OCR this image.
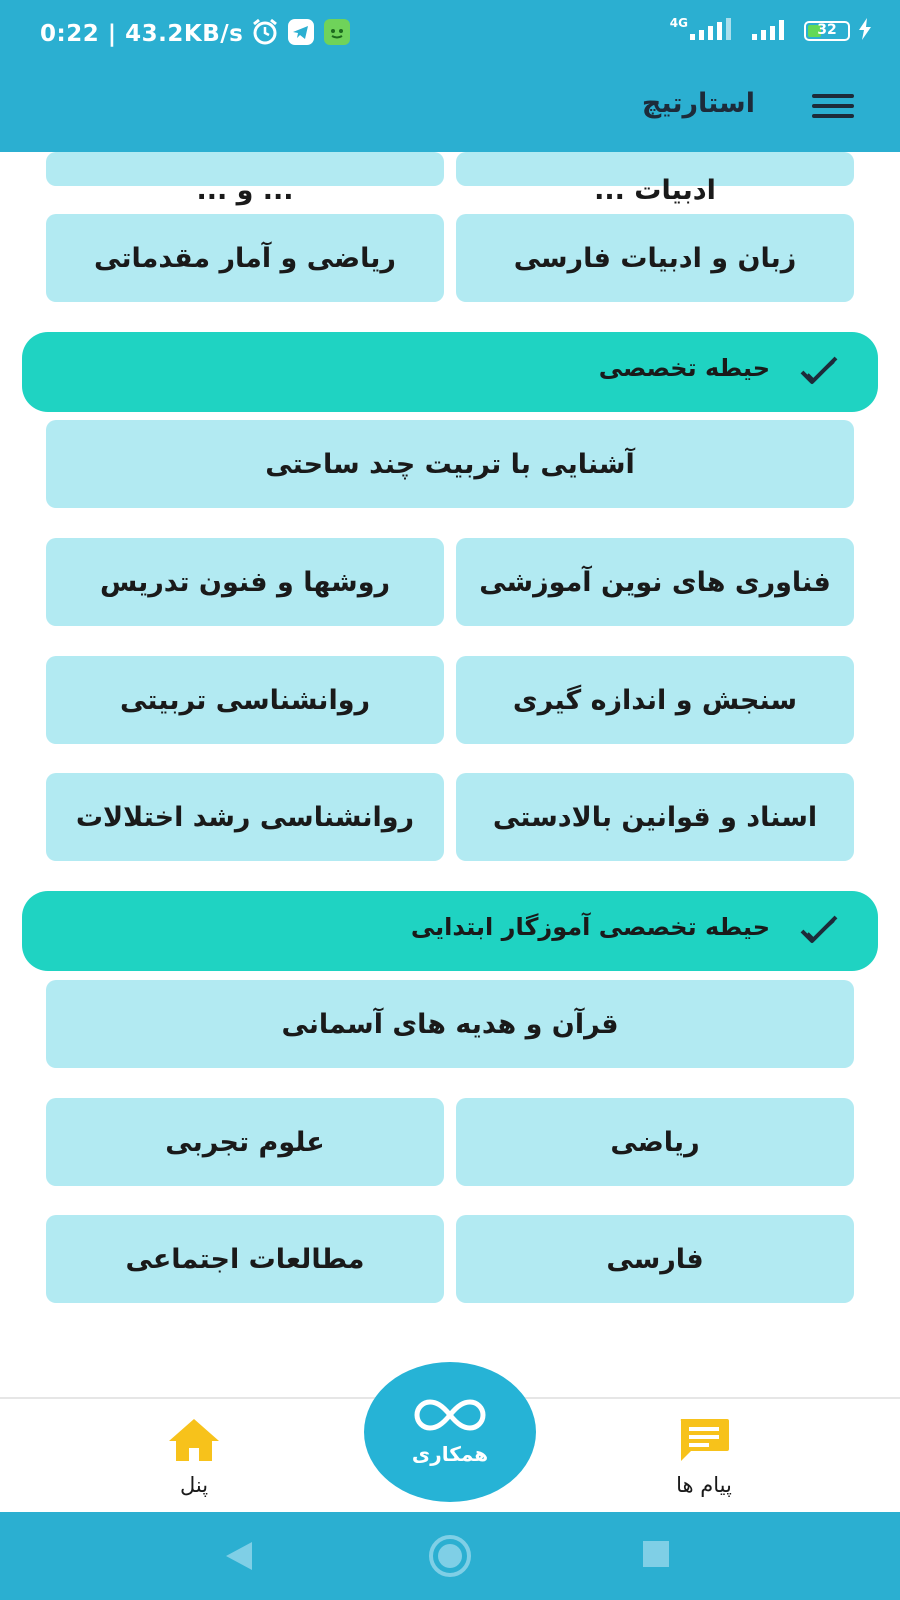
0:22 | 43.2KB/s	4G	32
استارتیچ
ادبیات ...
... و ...
زبان و ادبیات فارسی
ریاضی و آمار مقدماتی
حیطه تخصصی
آشنایی با تربیت چند ساحتی
فناوری های نوین آموزشی
روشها و فنون تدریس
سنجش و اندازه گیری
روانشناسی تربیتی
اسناد و قوانین بالادستی
روانشناسی رشد اختلالات
حیطه تخصصی آموزگار ابتدایی
قرآن و هدیه های آسمانی
ریاضی
علوم تجربی
فارسی
مطالعات اجتماعی
پیام ها
پنل
همکاری
